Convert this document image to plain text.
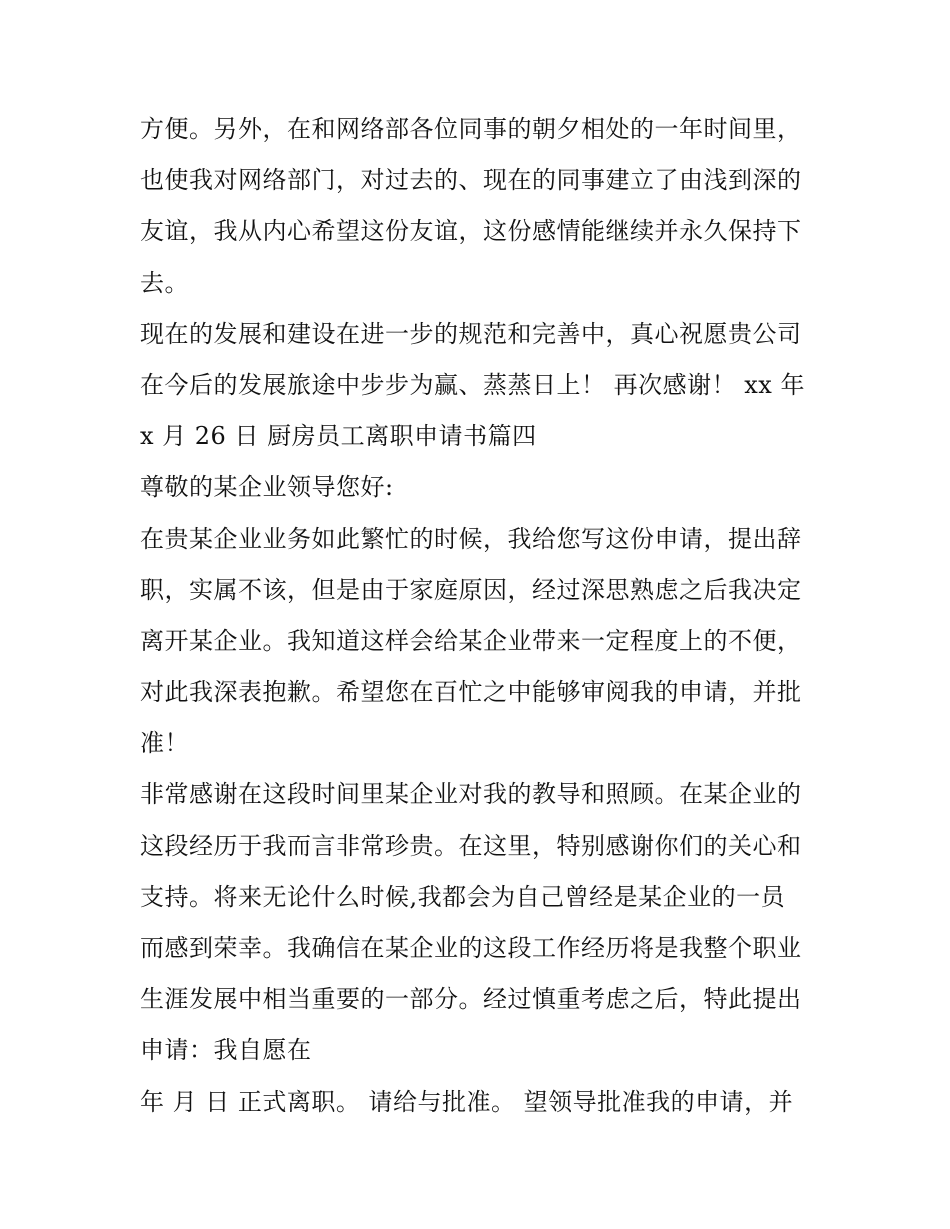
方便。另外，在和网络部各位同事的朝夕相处的一年时间里，
也使我对网络部门，对过去的、现在的同事建立了由浅到深的
友谊，我从内心希望这份友谊，这份感情能继续并永久保持下
去。
现在的发展和建设在进一步的规范和完善中，真心祝愿贵公司
在今后的发展旅途中步步为赢、蒸蒸日上！ 再次感谢！ xx 年
x 月 26 日 厨房员工离职申请书篇四
尊敬的某企业领导您好:
在贵某企业业务如此繁忙的时候，我给您写这份申请，提出辞
职，实属不该，但是由于家庭原因，经过深思熟虑之后我决定
离开某企业。我知道这样会给某企业带来一定程度上的不便，
对此我深表抱歉。希望您在百忙之中能够审阅我的申请，并批
准！
非常感谢在这段时间里某企业对我的教导和照顾。在某企业的
这段经历于我而言非常珍贵。在这里，特别感谢你们的关心和
支持。将来无论什么时候,我都会为自己曾经是某企业的一员
而感到荣幸。我确信在某企业的这段工作经历将是我整个职业
生涯发展中相当重要的一部分。经过慎重考虑之后，特此提出
申请：我自愿在
年 月 日 正式离职。 请给与批准。 望领导批准我的申请，并
